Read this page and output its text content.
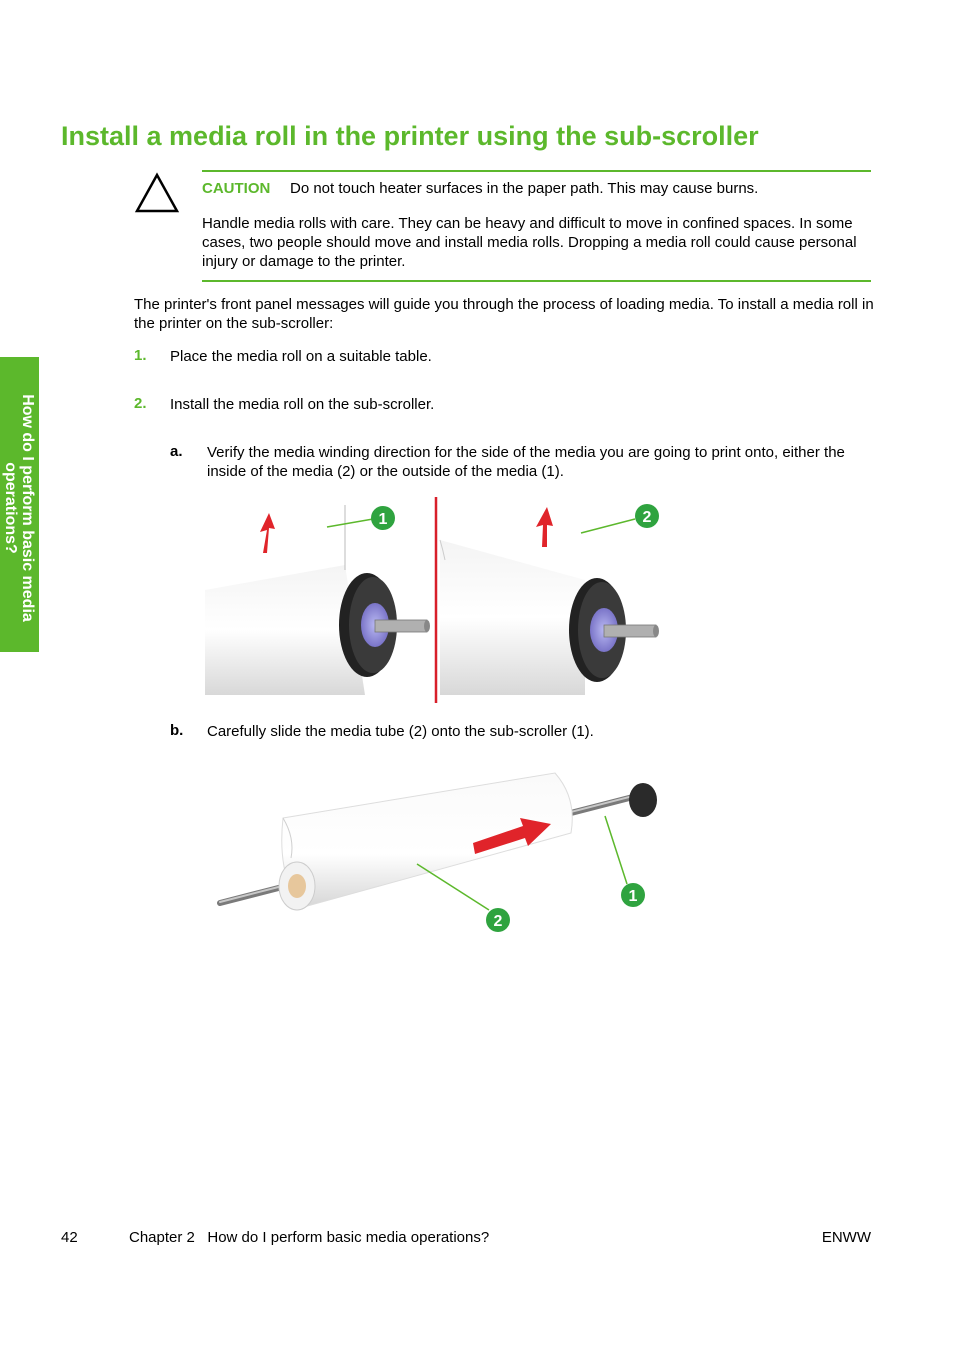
Install a media roll in the printer using the sub-scroller
How do I perform basic media operations?
CAUTION Do not touch heater surfaces in the paper path. This may cause burns.

Handle media rolls with care. They can be heavy and difficult to move in confined spaces. In some cases, two people should move and install media rolls. Dropping a media roll could cause personal injury or damage to the printer.

The printer's front panel messages will guide you through the process of loading media. To install a media roll in the printer on the sub-scroller:

1. Place the media roll on a suitable table.
2. Install the media roll on the sub-scroller.
a. Verify the media winding direction for the side of the media you are going to print onto, either the inside of the media (2) or the outside of the media (1).

1	2
b. Carefully slide the media tube (2) onto the sub-scroller (1).
2
1
42	Chapter 2   How do I perform basic media operations?	ENWW
